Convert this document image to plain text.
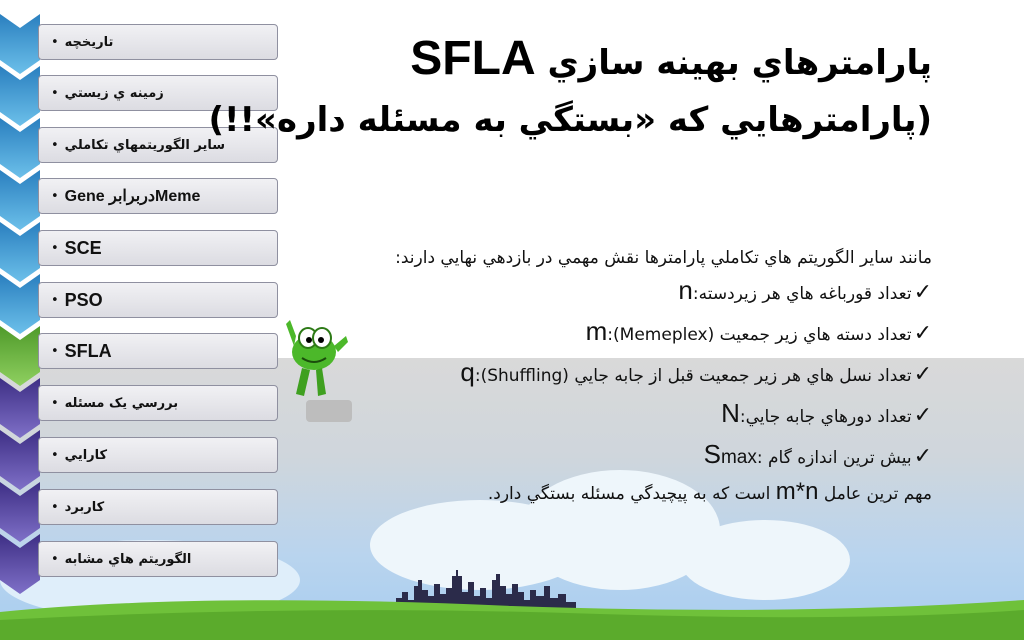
• تاريخچه
• زمينه ي زيستي
• ساير الگوريتمهاي تكاملي
• Gene دربرابرMeme
• SCE
• PSO
• SFLA
• بررسي یک مسئله
• كارايي
• كاربرد
• الگوريتم هاي مشابه
پارامترهاي بهينه سازي SFLA
(پارامترهايي كه «بستگي به مسئله داره»!!)
مانند ساير الگوريتم هاي تكاملي پارامترها نقش مهمي در بازدهي نهايي دارند:
✓تعداد قورباغه هاي هر زيردسته:n
✓تعداد دسته هاي زير جمعيت (Memeplex):m
✓تعداد نسل هاي هر زير جمعيت قبل از جابه جايي (Shuffling):q
✓تعداد دورهاي جابه جايي:N
✓بيش ترين اندازه گام :Smax
مهم ترين عامل m*n است كه به پيچيدگي مسئله بستگي دارد.
